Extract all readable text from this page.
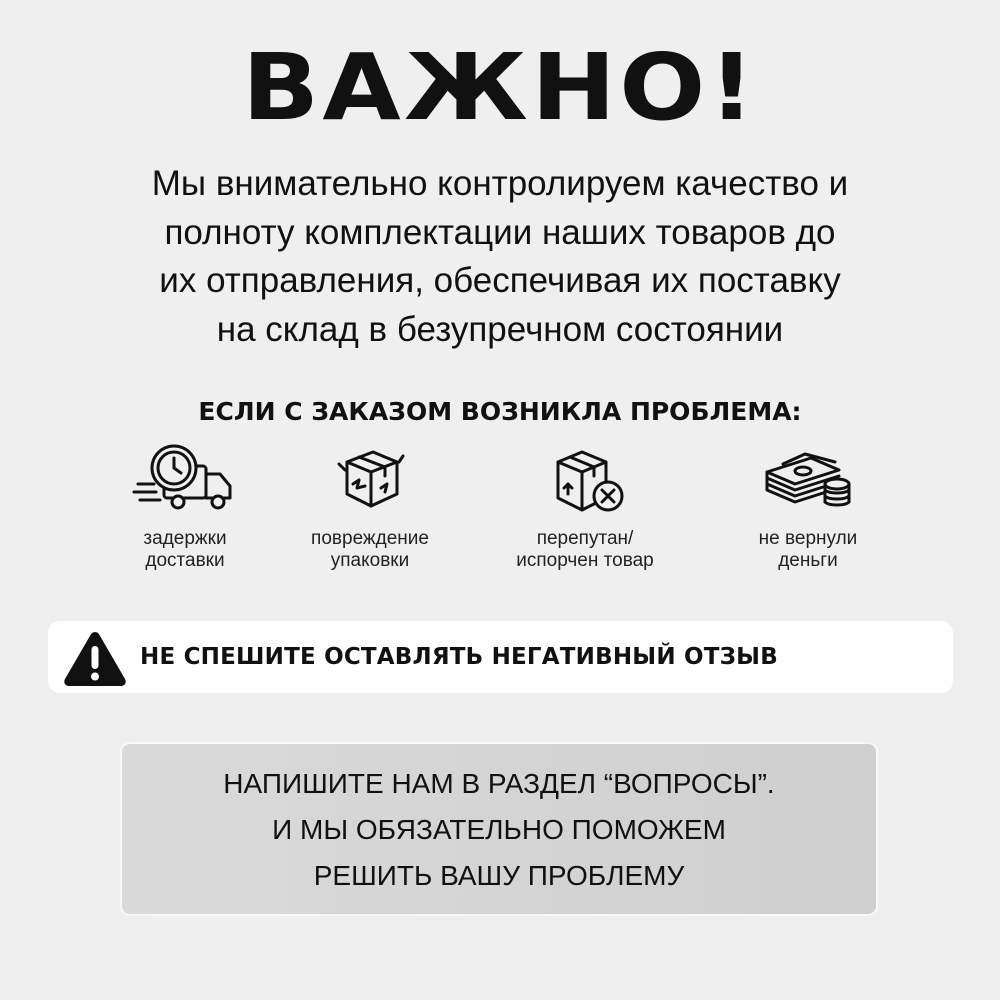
ВАЖНО!
Мы внимательно контролируем качество и
полноту комплектации наших товаров до
их отправления, обеспечивая их поставку
на склад в безупречном состоянии
ЕСЛИ С ЗАКАЗОМ ВОЗНИКЛА ПРОБЛЕМА:
задержки
доставки
повреждение
упаковки
перепутан/
испорчен товар
не вернули
деньги
НЕ СПЕШИТЕ ОСТАВЛЯТЬ НЕГАТИВНЫЙ ОТЗЫВ
НАПИШИТЕ НАМ В РАЗДЕЛ “ВОПРОСЫ”.
И МЫ ОБЯЗАТЕЛЬНО ПОМОЖЕМ
РЕШИТЬ ВАШУ ПРОБЛЕМУ
